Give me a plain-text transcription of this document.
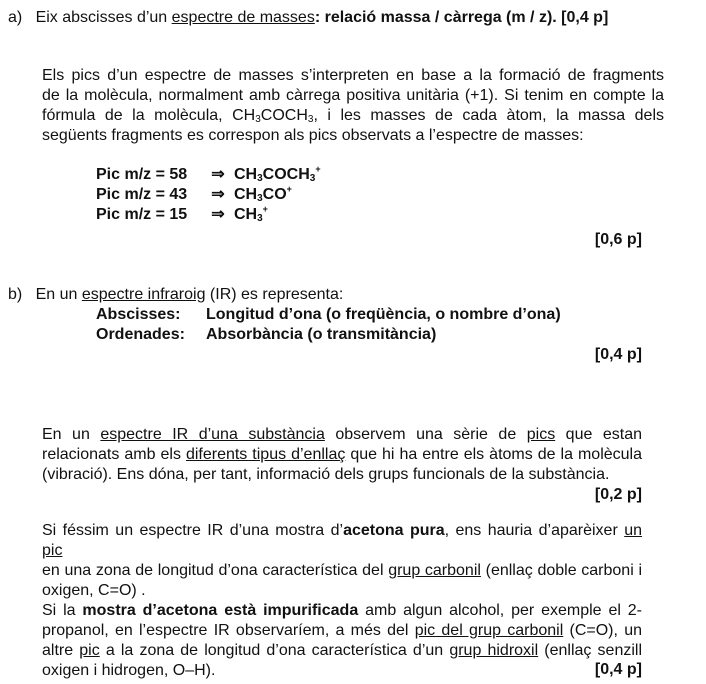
a) Eix abscisses d’un espectre de masses: relació massa / càrrega (m / z). [0,4 p]
Els pics d’un espectre de masses s’interpreten en base a la formació de fragments
de la molècula, normalment amb càrrega positiva unitària (+1). Si tenim en compte la
fórmula de la molècula, $CH_3COCH_3$, i les masses de cada àtom, la massa dels
següents fragments es correspon als pics observats a l’espectre de masses:
Pic m/z = 58	⇒ $CH_3COCH_3^+$
Pic m/z = 43	⇒ $CH_3CO^+$
Pic m/z = 15	⇒ $CH_3^+$
[0,6 p]
b) En un espectre infraroig (IR) es representa:
Abscisses: Longitud d’ona (o freqüència, o nombre d’ona)
Ordenades: Absorbància (o transmitància)
[0,4 p]
En un espectre IR d’una substància observem una sèrie de pics que estan
relacionats amb els diferents tipus d’enllaç que hi ha entre els àtoms de la molècula
(vibració). Ens dóna, per tant, informació dels grups funcionals de la substància.
[0,2 p]
Si féssim un espectre IR d’una mostra d’acetona pura, ens hauria d’aparèixer un pic
en una zona de longitud d’ona característica del grup carbonil (enllaç doble carboni i
oxigen, C=O) .
Si la mostra d’acetona està impurificada amb algun alcohol, per exemple el 2-
propanol, en l’espectre IR observaríem, a més del pic del grup carbonil (C=O), un
altre pic a la zona de longitud d’ona característica d’un grup hidroxil (enllaç senzill
oxigen i hidrogen, O–H).	[0,4 p]
